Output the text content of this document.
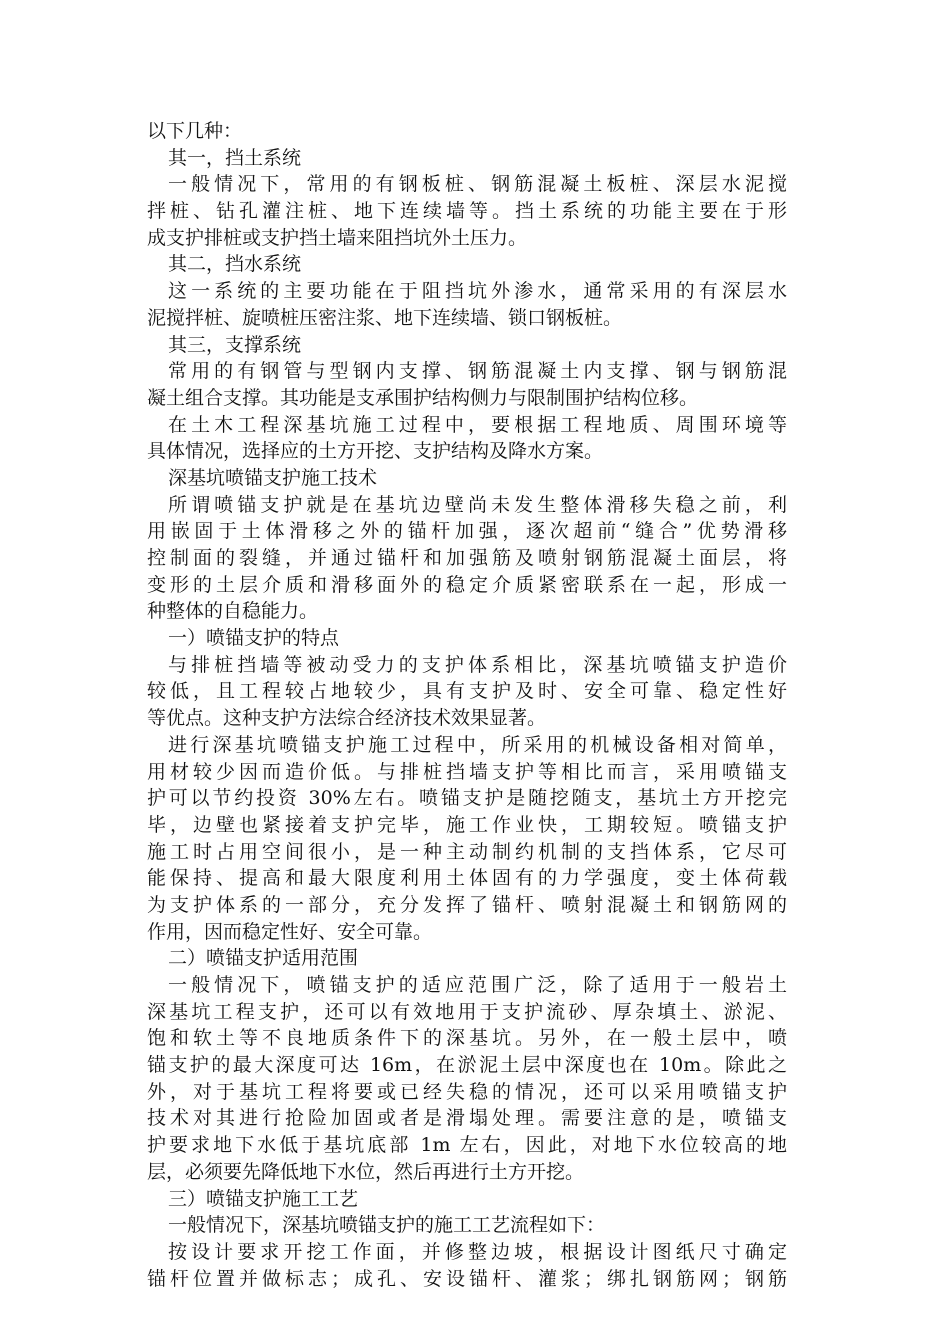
以下几种：
其一，挡土系统
一般情况下，常用的有钢板桩、钢筋混凝土板桩、深层水泥搅
拌桩、钻孔灌注桩、地下连续墙等。挡土系统的功能主要在于形
成支护排桩或支护挡土墙来阻挡坑外土压力。
其二，挡水系统
这一系统的主要功能在于阻挡坑外渗水，通常采用的有深层水
泥搅拌桩、旋喷桩压密注浆、地下连续墙、锁口钢板桩。
其三，支撑系统
常用的有钢管与型钢内支撑、钢筋混凝土内支撑、钢与钢筋混
凝土组合支撑。其功能是支承围护结构侧力与限制围护结构位移。
在土木工程深基坑施工过程中，要根据工程地质、周围环境等
具体情况，选择应的土方开挖、支护结构及降水方案。
深基坑喷锚支护施工技术
所谓喷锚支护就是在基坑边壁尚未发生整体滑移失稳之前，利
用嵌固于土体滑移之外的锚杆加强，逐次超前“缝合”优势滑移
控制面的裂缝，并通过锚杆和加强筋及喷射钢筋混凝土面层，将
变形的土层介质和滑移面外的稳定介质紧密联系在一起，形成一
种整体的自稳能力。
一）喷锚支护的特点
与排桩挡墙等被动受力的支护体系相比，深基坑喷锚支护造价
较低，且工程较占地较少，具有支护及时、安全可靠、稳定性好
等优点。这种支护方法综合经济技术效果显著。
进行深基坑喷锚支护施工过程中，所采用的机械设备相对简单，
用材较少因而造价低。与排桩挡墙支护等相比而言，采用喷锚支
护可以节约投资 30%左右。喷锚支护是随挖随支，基坑土方开挖完
毕，边壁也紧接着支护完毕，施工作业快，工期较短。喷锚支护
施工时占用空间很小，是一种主动制约机制的支挡体系，它尽可
能保持、提高和最大限度利用土体固有的力学强度，变土体荷载
为支护体系的一部分，充分发挥了锚杆、喷射混凝土和钢筋网的
作用，因而稳定性好、安全可靠。
二）喷锚支护适用范围
一般情况下，喷锚支护的适应范围广泛，除了适用于一般岩土
深基坑工程支护，还可以有效地用于支护流砂、厚杂填土、淤泥、
饱和软土等不良地质条件下的深基坑。另外，在一般土层中，喷
锚支护的最大深度可达 16m，在淤泥土层中深度也在 10m。除此之
外，对于基坑工程将要或已经失稳的情况，还可以采用喷锚支护
技术对其进行抢险加固或者是滑塌处理。需要注意的是，喷锚支
护要求地下水低于基坑底部 1m 左右，因此，对地下水位较高的地
层，必须要先降低地下水位，然后再进行土方开挖。
三）喷锚支护施工工艺
一般情况下，深基坑喷锚支护的施工工艺流程如下：
按设计要求开挖工作面，并修整边坡，根据设计图纸尺寸确定
锚杆位置并做标志；成孔、安设锚杆、灌浆；绑扎钢筋网；钢筋
